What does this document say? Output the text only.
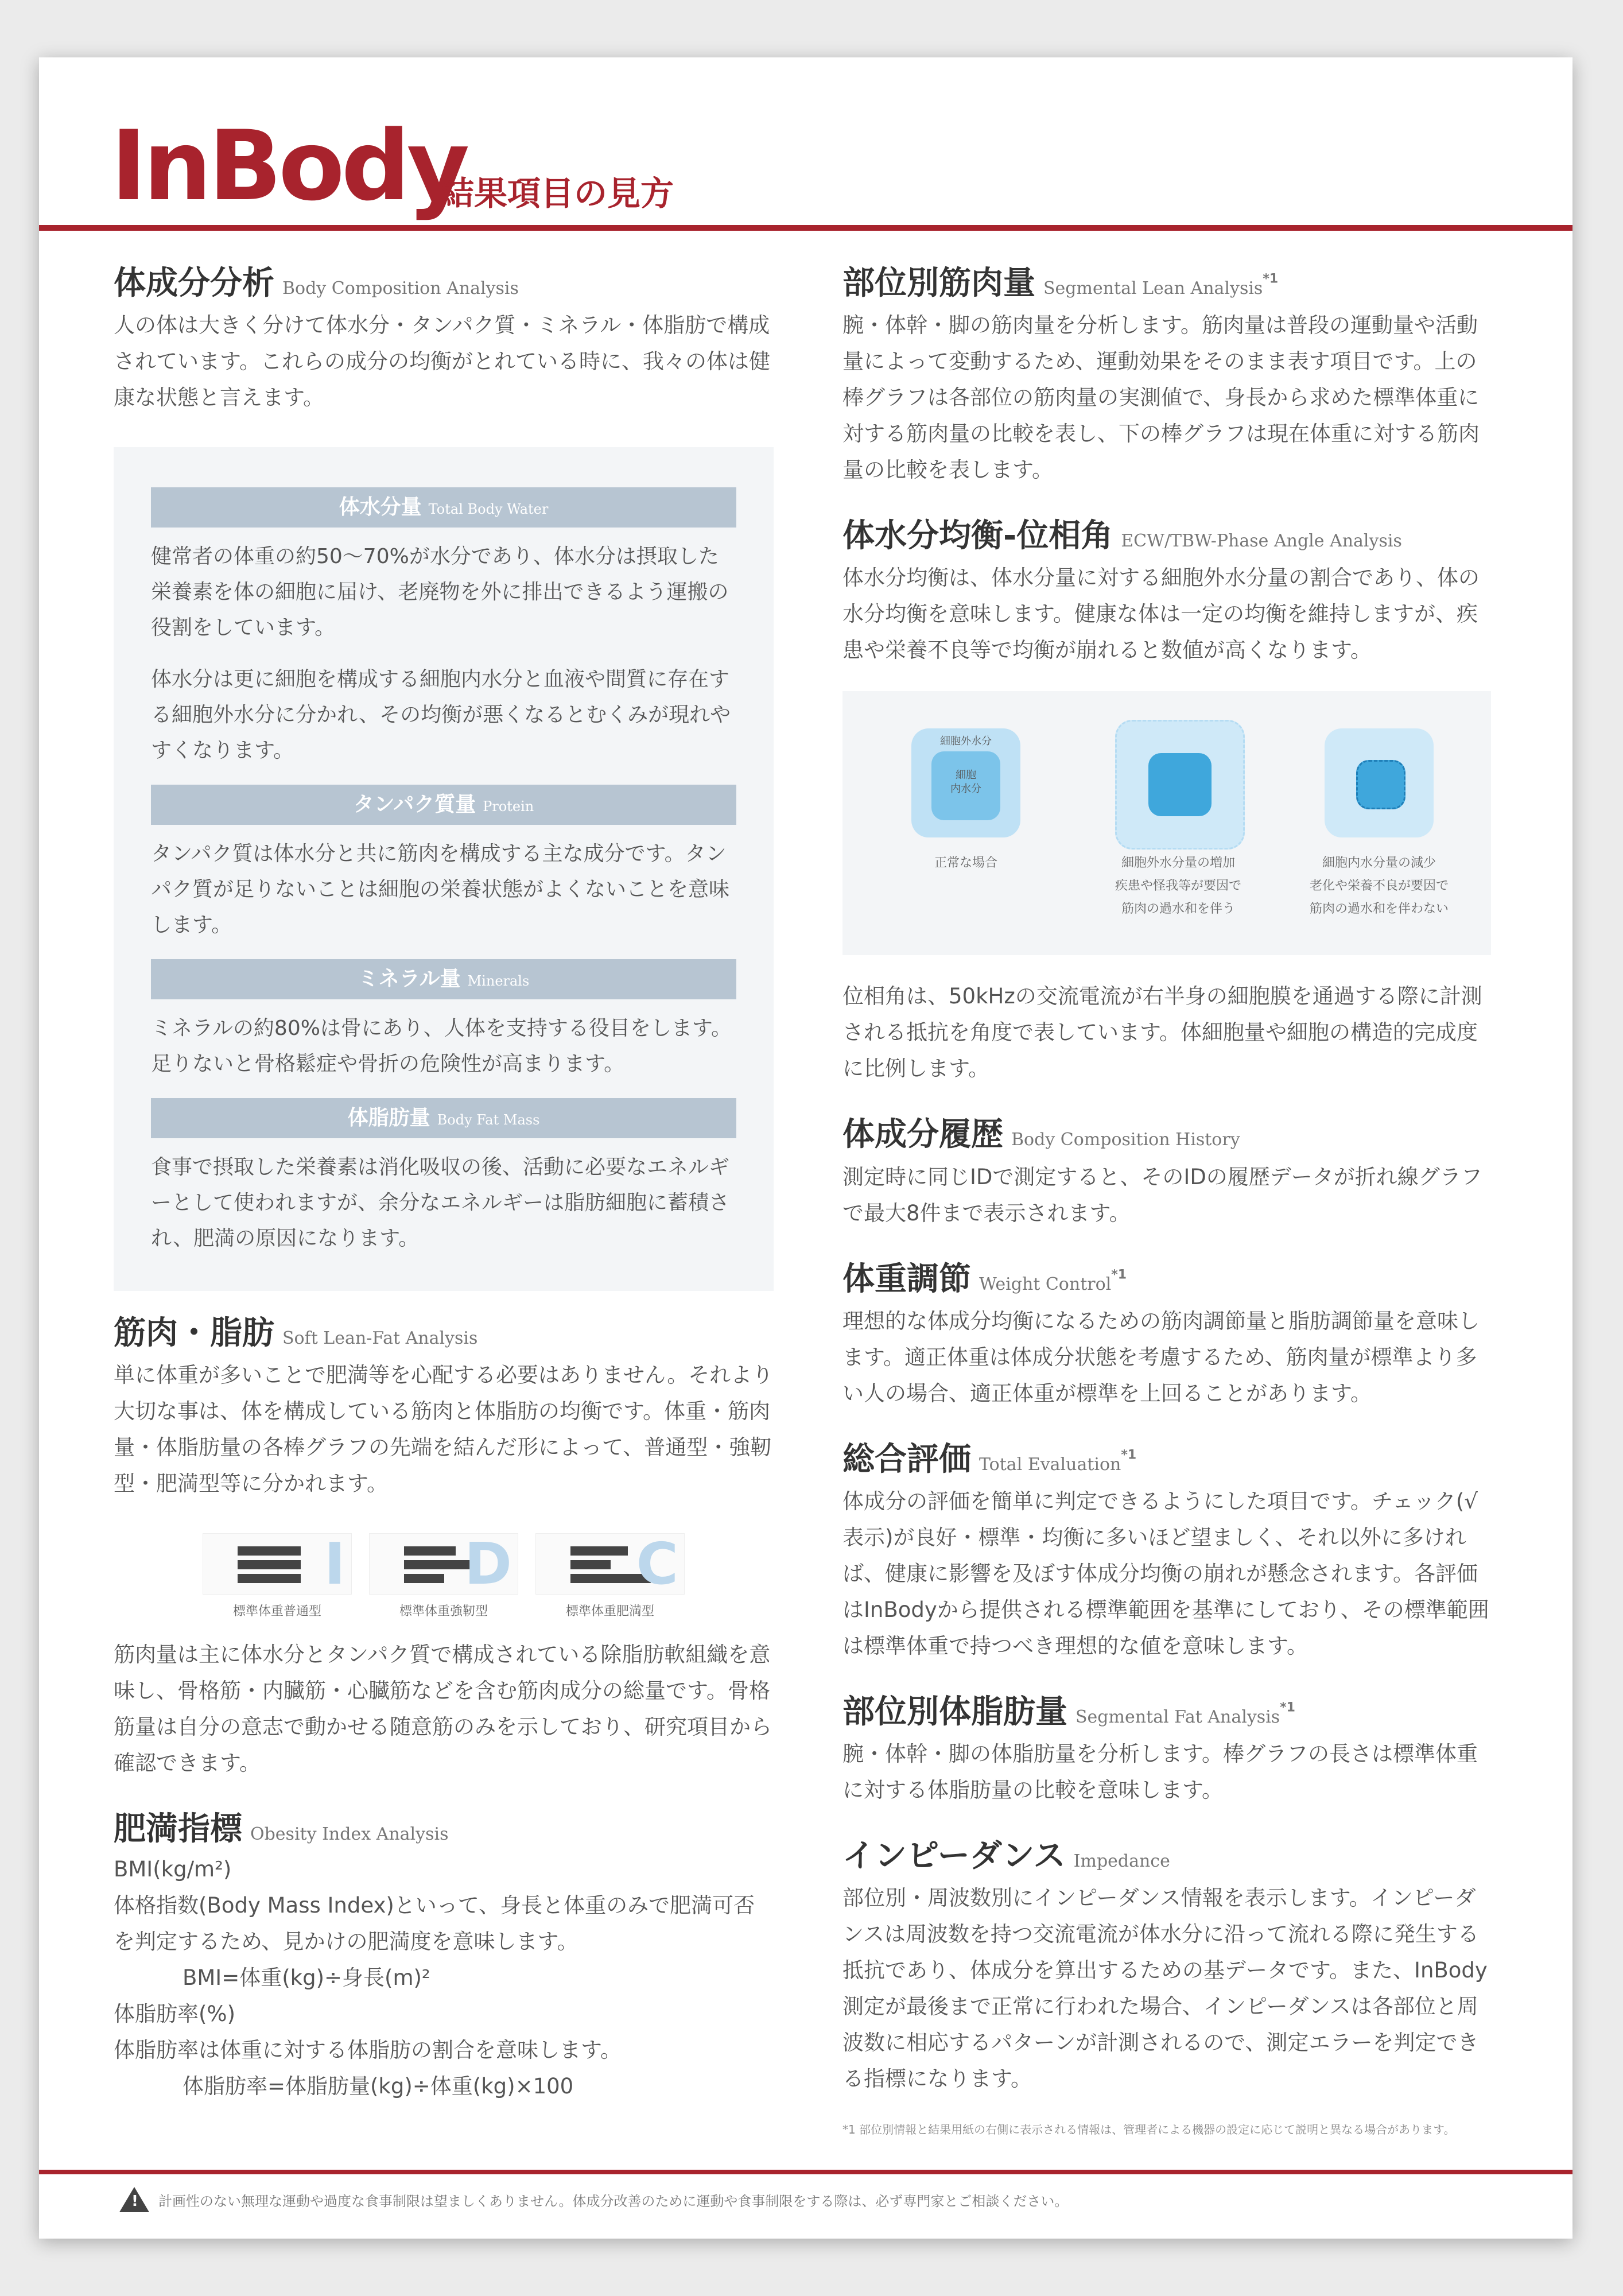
InBody
結果項目の見方
体成分分析 Body Composition Analysis

人の体は大きく分けて体水分・タンパク質・ミネラル・体脂肪で構成されています。これらの成分の均衡がとれている時に、我々の体は健康な状態と言えます。

体水分量 Total Body Water

健常者の体重の約50〜70%が水分であり、体水分は摂取した栄養素を体の細胞に届け、老廃物を外に排出できるよう運搬の役割をしています。

体水分は更に細胞を構成する細胞内水分と血液や間質に存在する細胞外水分に分かれ、その均衡が悪くなるとむくみが現れやすくなります。

タンパク質量 Protein

タンパク質は体水分と共に筋肉を構成する主な成分です。タンパク質が足りないことは細胞の栄養状態がよくないことを意味します。

ミネラル量 Minerals

ミネラルの約80%は骨にあり、人体を支持する役目をします。足りないと骨格鬆症や骨折の危険性が高まります。

体脂肪量 Body Fat Mass

食事で摂取した栄養素は消化吸収の後、活動に必要なエネルギーとして使われますが、余分なエネルギーは脂肪細胞に蓄積され、肥満の原因になります。

筋肉・脂肪 Soft Lean-Fat Analysis

単に体重が多いことで肥満等を心配する必要はありません。それより大切な事は、体を構成している筋肉と体脂肪の均衡です。体重・筋肉量・体脂肪量の各棒グラフの先端を結んだ形によって、普通型・強靭型・肥満型等に分かれます。

I
標準体重普通型
D
標準体重強靭型
C
標準体重肥満型

筋肉量は主に体水分とタンパク質で構成されている除脂肪軟組織を意味し、骨格筋・内臓筋・心臓筋などを含む筋肉成分の総量です。骨格筋量は自分の意志で動かせる随意筋のみを示しており、研究項目から確認できます。

肥満指標 Obesity Index Analysis

BMI(kg/m²)

体格指数(Body Mass Index)といって、身長と体重のみで肥満可否を判定するため、見かけの肥満度を意味します。

BMI=体重(kg)÷身長(m)²

体脂肪率(%)

体脂肪率は体重に対する体脂肪の割合を意味します。

体脂肪率=体脂肪量(kg)÷体重(kg)×100
部位別筋肉量 Segmental Lean Analysis$^{*1}$

腕・体幹・脚の筋肉量を分析します。筋肉量は普段の運動量や活動量によって変動するため、運動効果をそのまま表す項目です。上の棒グラフは各部位の筋肉量の実測値で、身長から求めた標準体重に対する筋肉量の比較を表し、下の棒グラフは現在体重に対する筋肉量の比較を表します。

体水分均衡-位相角 ECW/TBW-Phase Angle Analysis

体水分均衡は、体水分量に対する細胞外水分量の割合であり、体の水分均衡を意味します。健康な体は一定の均衡を維持しますが、疾患や栄養不良等で均衡が崩れると数値が高くなります。

細胞外水分
細胞
内水分
正常な場合	細胞外水分量の増加
疾患や怪我等が要因で
筋肉の過水和を伴う
細胞内水分量の減少
老化や栄養不良が要因で
筋肉の過水和を伴わない

位相角は、50kHzの交流電流が右半身の細胞膜を通過する際に計測される抵抗を角度で表しています。体細胞量や細胞の構造的完成度に比例します。

体成分履歴 Body Composition History

測定時に同じIDで測定すると、そのIDの履歴データが折れ線グラフで最大8件まで表示されます。

体重調節 Weight Control$^{*1}$

理想的な体成分均衡になるための筋肉調節量と脂肪調節量を意味します。適正体重は体成分状態を考慮するため、筋肉量が標準より多い人の場合、適正体重が標準を上回ることがあります。

総合評価 Total Evaluation$^{*1}$

体成分の評価を簡単に判定できるようにした項目です。チェック(√表示)が良好・標準・均衡に多いほど望ましく、それ以外に多ければ、健康に影響を及ぼす体成分均衡の崩れが懸念されます。各評価はInBodyから提供される標準範囲を基準にしており、その標準範囲は標準体重で持つべき理想的な値を意味します。

部位別体脂肪量 Segmental Fat Analysis$^{*1}$

腕・体幹・脚の体脂肪量を分析します。棒グラフの長さは標準体重に対する体脂肪量の比較を意味します。

インピーダンス Impedance

部位別・周波数別にインピーダンス情報を表示します。インピーダンスは周波数を持つ交流電流が体水分に沿って流れる際に発生する抵抗であり、体成分を算出するための基データです。また、InBody測定が最後まで正常に行われた場合、インピーダンスは各部位と周波数に相応するパターンが計測されるので、測定エラーを判定できる指標になります。

*1 部位別情報と結果用紙の右側に表示される情報は、管理者による機器の設定に応じて説明と異なる場合があります。
! 計画性のない無理な運動や過度な食事制限は望ましくありません。体成分改善のために運動や食事制限をする際は、必ず専門家とご相談ください。
